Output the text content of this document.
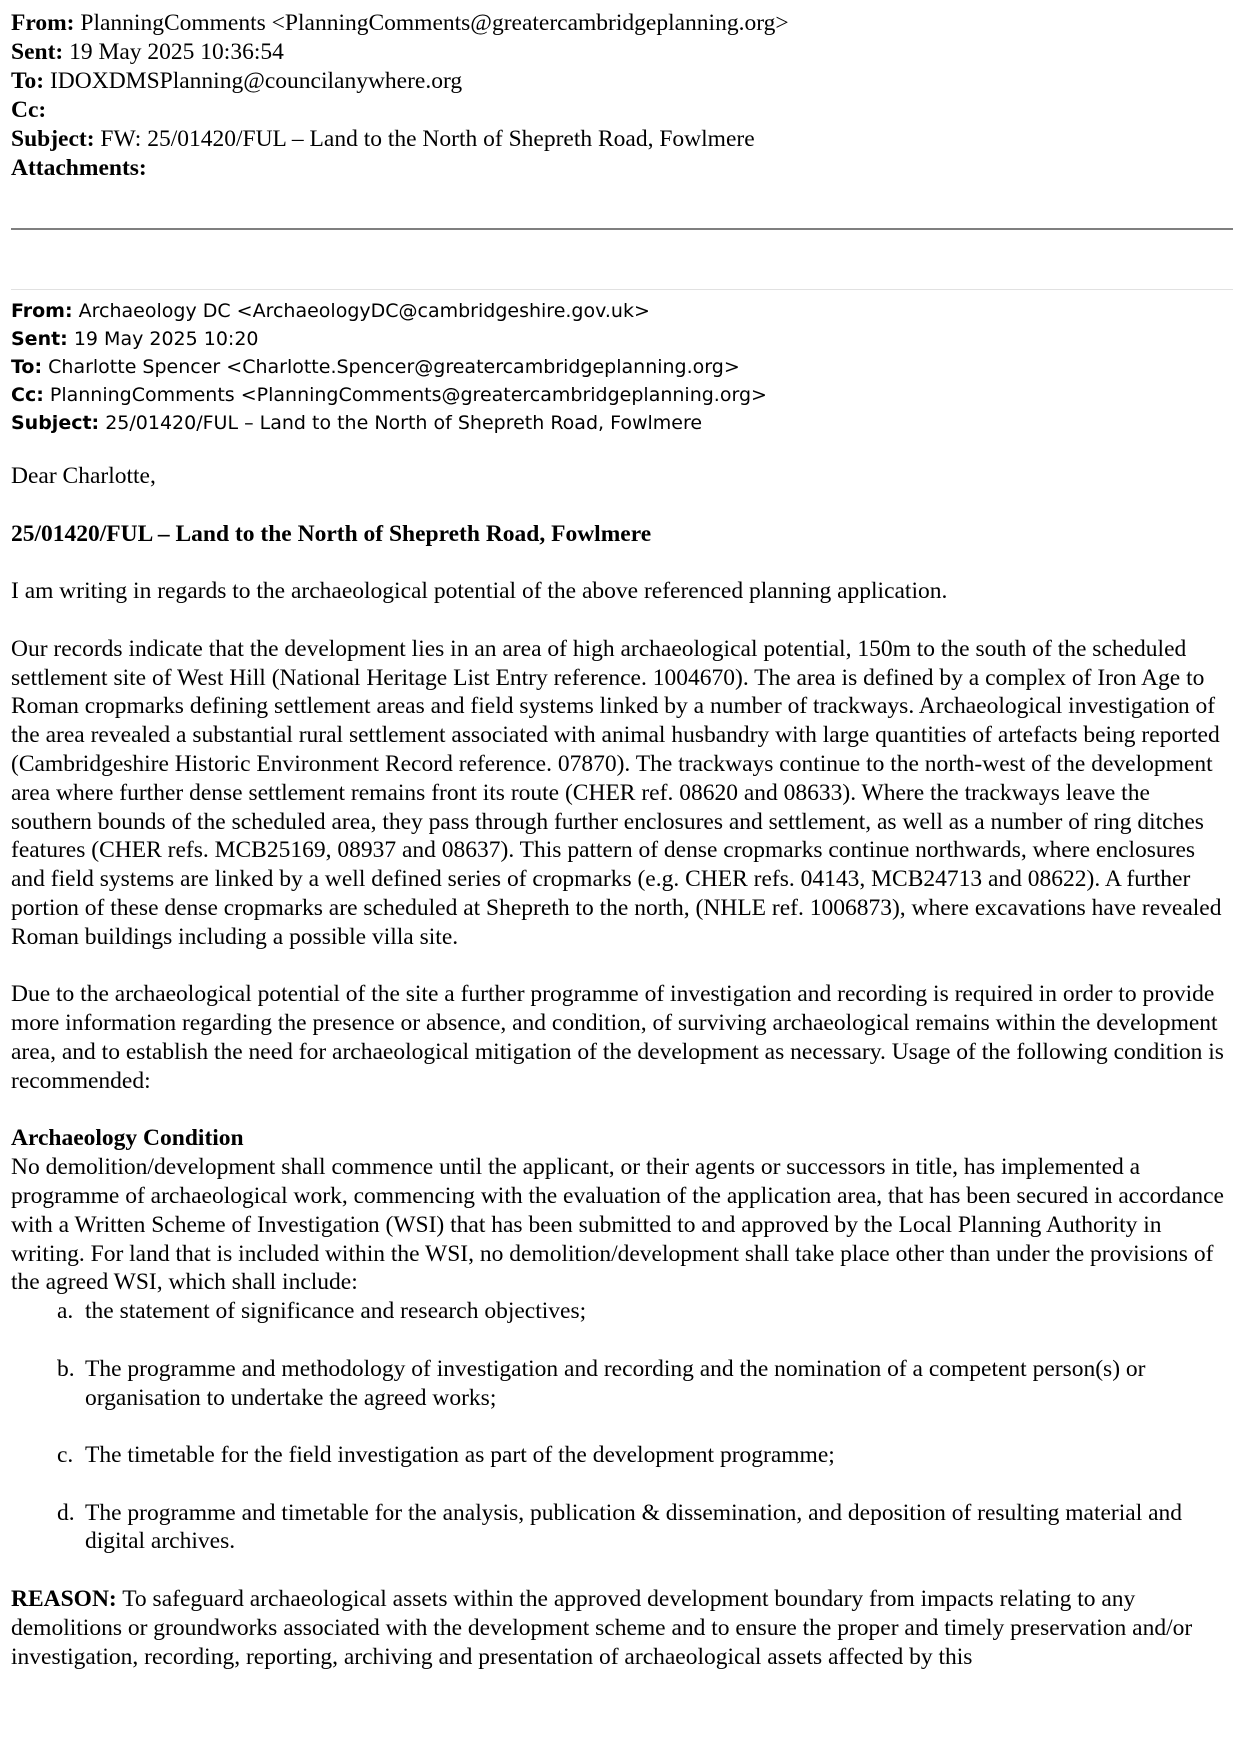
From: PlanningComments <PlanningComments@greatercambridgeplanning.org>
Sent: 19 May 2025 10:36:54
To: IDOXDMSPlanning@councilanywhere.org
Cc:
Subject: FW: 25/01420/FUL – Land to the North of Shepreth Road, Fowlmere
Attachments:
From: Archaeology DC <ArchaeologyDC@cambridgeshire.gov.uk>
Sent: 19 May 2025 10:20
To: Charlotte Spencer <Charlotte.Spencer@greatercambridgeplanning.org>
Cc: PlanningComments <PlanningComments@greatercambridgeplanning.org>
Subject: 25/01420/FUL – Land to the North of Shepreth Road, Fowlmere

Dear Charlotte,

25/01420/FUL – Land to the North of Shepreth Road, Fowlmere

I am writing in regards to the archaeological potential of the above referenced planning application.

Our records indicate that the development lies in an area of high archaeological potential, 150m to the south of the scheduled settlement site of West Hill (National Heritage List Entry reference. 1004670). The area is defined by a complex of Iron Age to Roman cropmarks defining settlement areas and field systems linked by a number of trackways. Archaeological investigation of the area revealed a substantial rural settlement associated with animal husbandry with large quantities of artefacts being reported (Cambridgeshire Historic Environment Record reference. 07870). The trackways continue to the north-west of the development area where further dense settlement remains front its route (CHER ref. 08620 and 08633). Where the trackways leave the southern bounds of the scheduled area, they pass through further enclosures and settlement, as well as a number of ring ditches features (CHER refs. MCB25169, 08937 and 08637). This pattern of dense cropmarks continue northwards, where enclosures and field systems are linked by a well defined series of cropmarks (e.g. CHER refs. 04143, MCB24713 and 08622). A further portion of these dense cropmarks are scheduled at Shepreth to the north, (NHLE ref. 1006873), where excavations have revealed Roman buildings including a possible villa site.

Due to the archaeological potential of the site a further programme of investigation and recording is required in order to provide more information regarding the presence or absence, and condition, of surviving archaeological remains within the development area, and to establish the need for archaeological mitigation of the development as necessary. Usage of the following condition is recommended:

Archaeology Condition

No demolition/development shall commence until the applicant, or their agents or successors in title, has implemented a programme of archaeological work, commencing with the evaluation of the application area, that has been secured in accordance with a Written Scheme of Investigation (WSI) that has been submitted to and approved by the Local Planning Authority in writing. For land that is included within the WSI, no demolition/development shall take place other than under the provisions of the agreed WSI, which shall include:

a. the statement of significance and research objectives;
b. The programme and methodology of investigation and recording and the nomination of a competent person(s) or organisation to undertake the agreed works;
c. The timetable for the field investigation as part of the development programme;
d. The programme and timetable for the analysis, publication & dissemination, and deposition of resulting material and digital archives.

REASON: To safeguard archaeological assets within the approved development boundary from impacts relating to any demolitions or groundworks associated with the development scheme and to ensure the proper and timely preservation and/or investigation, recording, reporting, archiving and presentation of archaeological assets affected by this
